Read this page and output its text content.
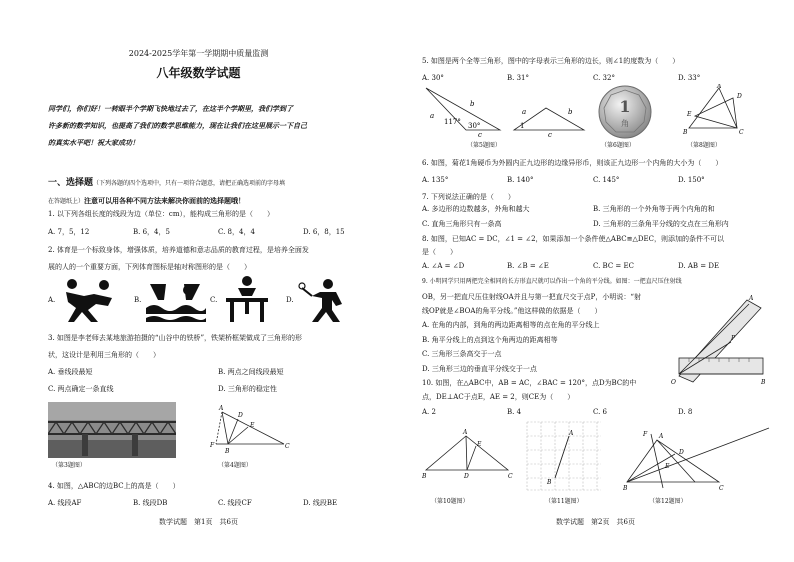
2024-2025学年第一学期期中质量监测
八年级数学试题
同学们，你们好！一转眼半个学期飞快地过去了，在这半个学期里，我们学到了
许多新的数学知识，也提高了我们的数学思维能力，现在让我们在这里展示一下自己
的真实水平吧！祝大家成功！
一、选择题（下列各题的四个选项中，只有一项符合题意，请把正确选项前的字母填
在答题纸上）注意可以用各种不同方法来解决你面前的选择题哦！
1. 以下列各组长度的线段为边（单位：cm），能构成三角形的是（　　）
A. 7，5，12	B. 6，4，5	C. 8，4，4	D. 6，8，15
2. 体育是一个标致身体，增强体质，培养道德和意志品质的教育过程，是培养全面发
展的人的一个重要方面，下列体育图标是轴对称图形的是（　　）
A.	B.	C.	D.
3. 如图是李老师去某地旅游拍摄的“山谷中的铁桥”，铁架桥框架做成了三角形的形
状，这设计是利用三角形的（　　）
A. 垂线段最短	B. 两点之间线段最短
C. 两点确定一条直线	D. 三角形的稳定性
（第3题图）
A
D
E
F
B
C
（第4题图）
4. 如图，△ABC的边BC上的高是（　　）
A. 线段AF	B. 线段DB	C. 线段CF	D. 线段BE
数学试题　第1页　共6页
5. 如图是两个全等三角形，图中的字母表示三角形的边长，则∠1的度数为（　　）
A. 30°	B. 31°	C. 32°	D. 33°
a
b
c
117° 30°
a	b
c
1
（第5题图）
1
角
（第6题图）
A
D
E
B	C
（第8题图）
6. 如图，菊花1角硬币为外圆内正九边形的边缘异形币，则该正九边形一个内角的大小为（　　）
A. 135°	B. 140°	C. 145°	D. 150°
7. 下列说法正确的是（　　）
A. 多边形的边数越多，外角和越大	B. 三角形的一个外角等于两个内角的和
C. 直角三角形只有一条高	D. 三角形的三条角平分线的交点在三角形内
8. 如图，已知AC = DC，∠1 = ∠2，如果添加一个条件使△ABC≌△DEC，则添加的条件不可以
是（　　）
A. ∠A = ∠D	B. ∠B = ∠E	C. BC = EC	D. AB = DE
9. 小明同学只用两把完全相同的长方形直尺就可以作出一个角的平分线。如图：一把直尺压住射线
OB，另一把直尺压住射线OA并且与第一把直尺交于点P，小明说：“射
线OP就是∠BOA的角平分线。”他这样做的依据是（　　）
A. 在角的内部，到角的两边距离相等的点在角的平分线上
B. 角平分线上的点到这个角两边的距离相等
C. 三角形三条高交于一点
D. 三角形三边的垂直平分线交于一点
A
P
O	B
10. 如图，在△ABC中，AB = AC，∠BAC = 120°，点D为BC的中
点，DE⊥AC于点E，AE = 2，则CE为（　　）
A. 2	B. 4	C. 6	D. 8
A
E
B	D	C
（第10题图）
A
B
（第11题图）
F A
D
E
B	C
（第12题图）
数学试题　第2页　共6页
